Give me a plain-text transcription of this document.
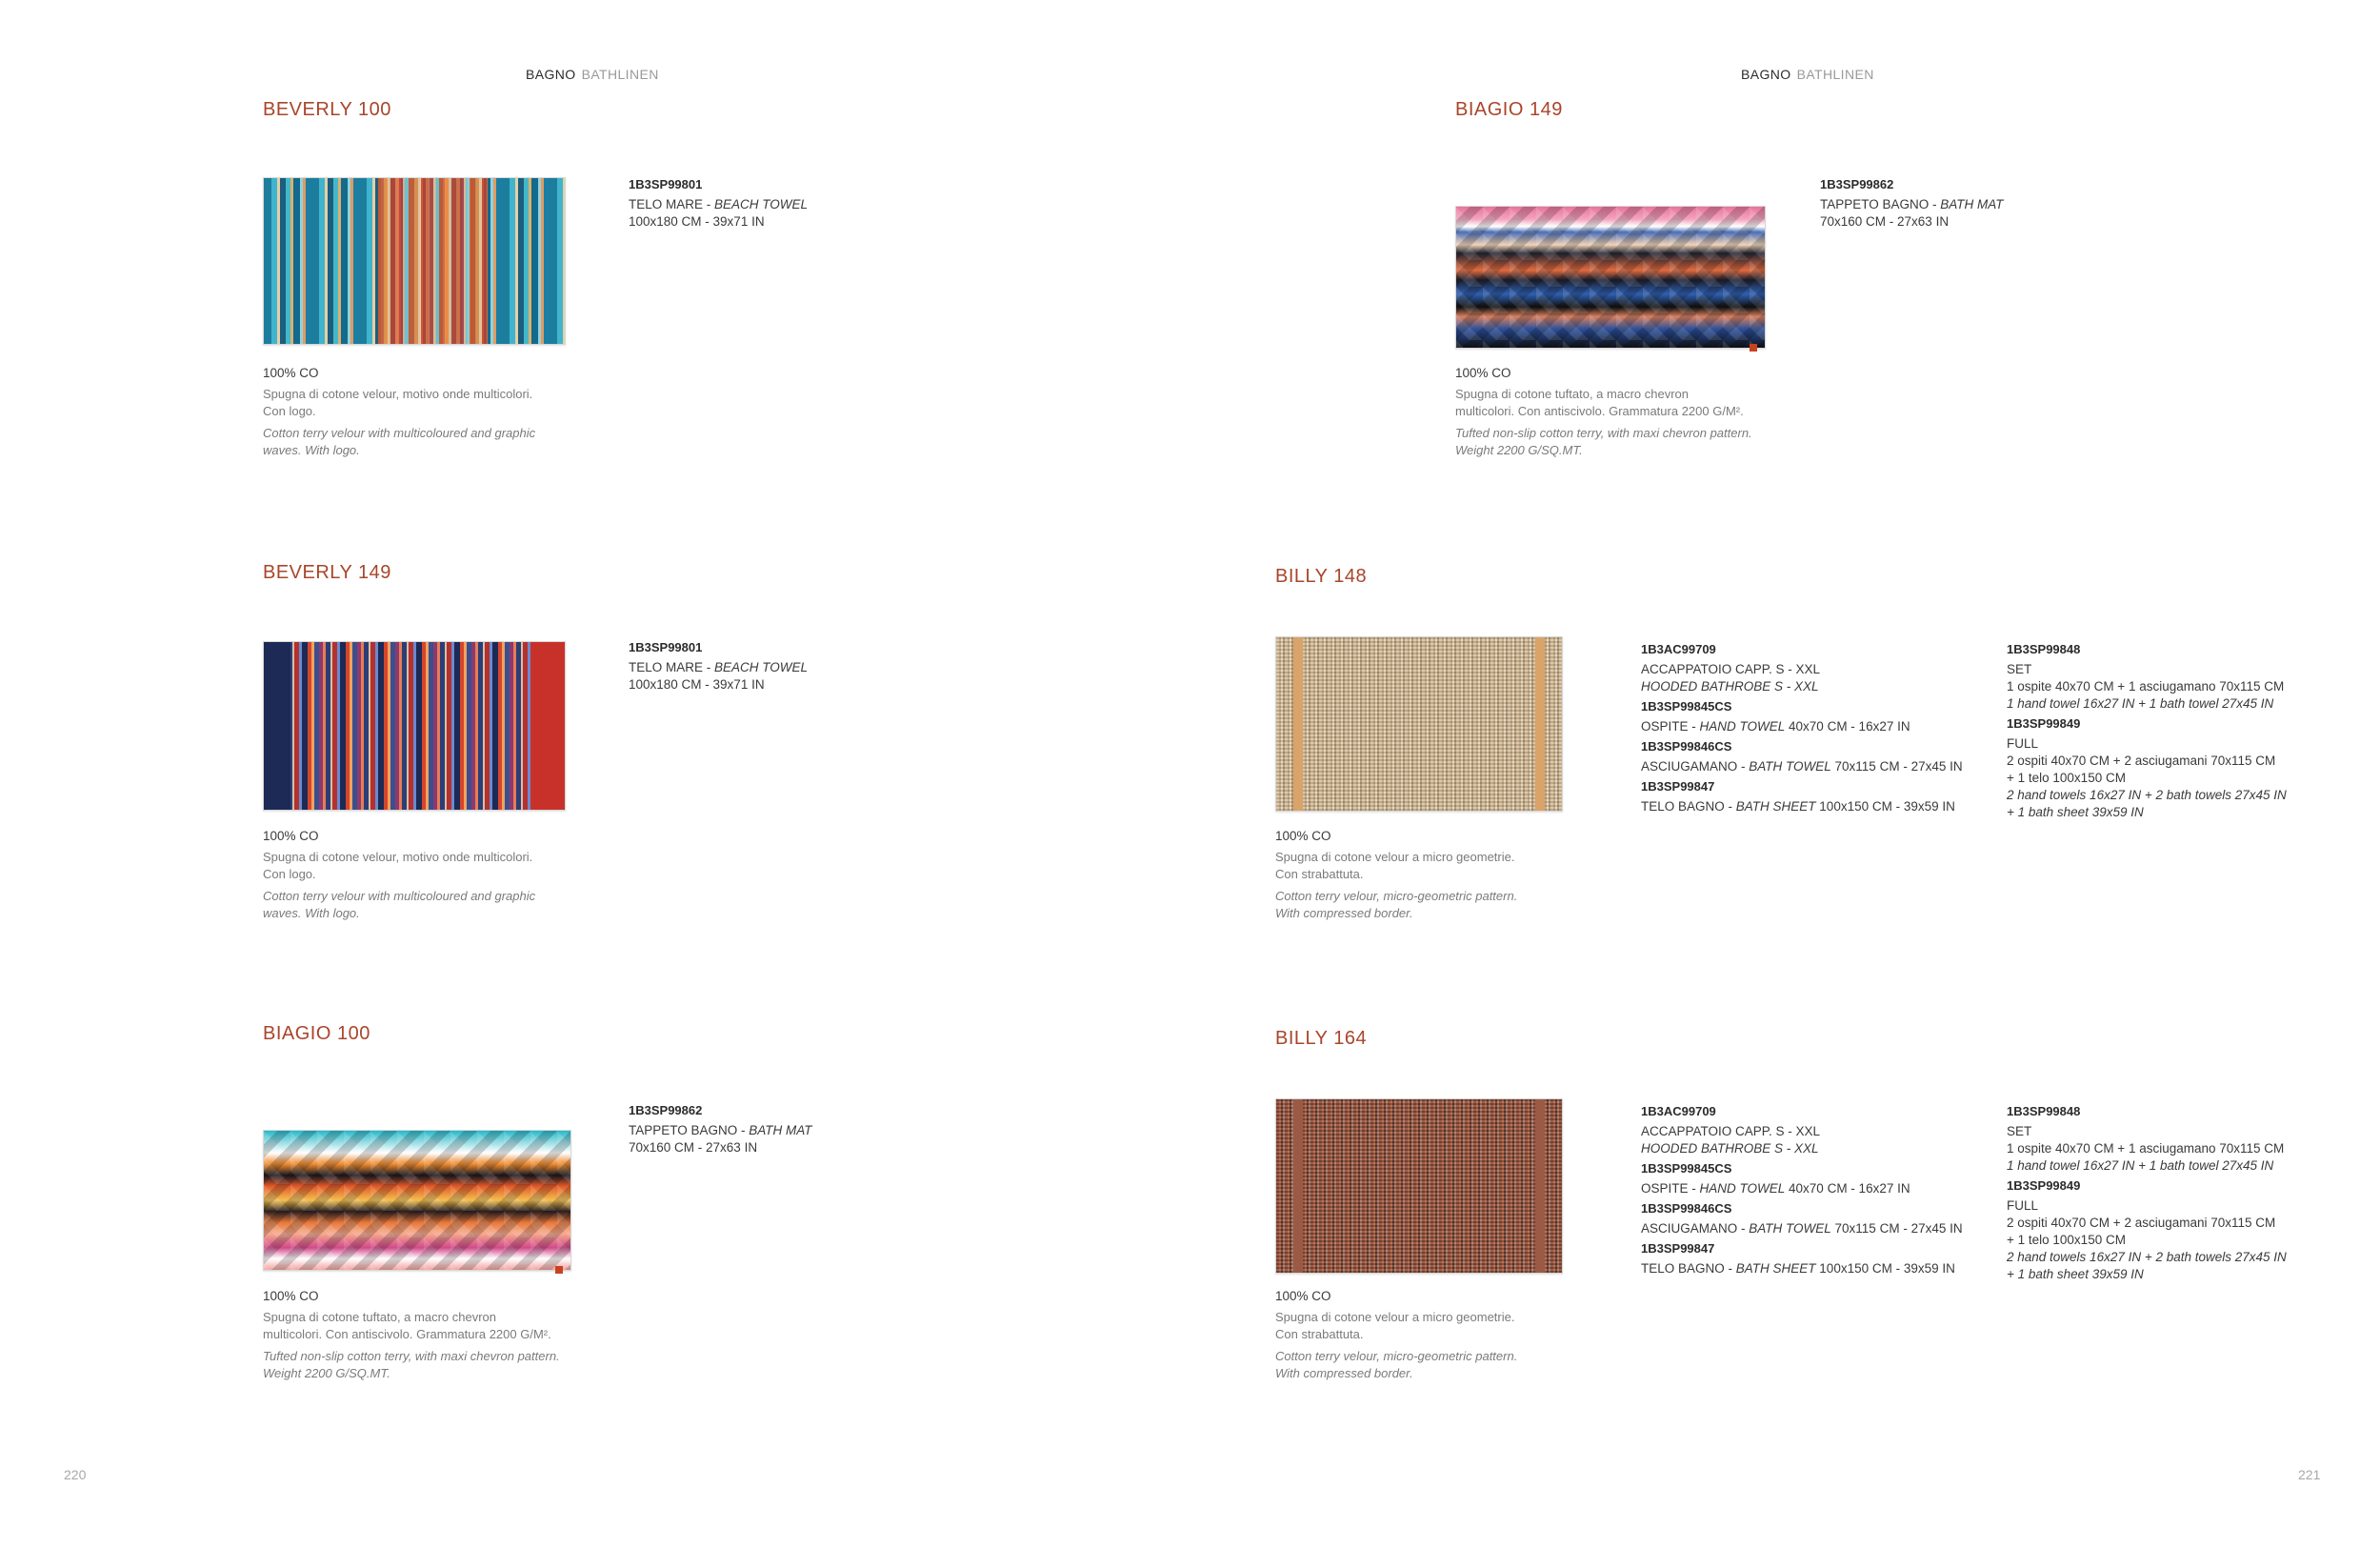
BAGNO BATHLINEN	BAGNO BATHLINEN
BEVERLY 100
1B3SP99801
TELO MARE - BEACH TOWEL
100x180 CM - 39x71 IN
100% CO
Spugna di cotone velour, motivo onde multicolori.
Con logo.
Cotton terry velour with multicoloured and graphic
waves. With logo.
BEVERLY 149
1B3SP99801
TELO MARE - BEACH TOWEL
100x180 CM - 39x71 IN
100% CO
Spugna di cotone velour, motivo onde multicolori.
Con logo.
Cotton terry velour with multicoloured and graphic
waves. With logo.
BIAGIO 100
1B3SP99862
TAPPETO BAGNO - BATH MAT
70x160 CM - 27x63 IN
100% CO
Spugna di cotone tuftato, a macro chevron
multicolori. Con antiscivolo. Grammatura 2200 G/M².
Tufted non-slip cotton terry, with maxi chevron pattern.
Weight 2200 G/SQ.MT.
BIAGIO 149
1B3SP99862
TAPPETO BAGNO - BATH MAT
70x160 CM - 27x63 IN
100% CO
Spugna di cotone tuftato, a macro chevron
multicolori. Con antiscivolo. Grammatura 2200 G/M².
Tufted non-slip cotton terry, with maxi chevron pattern.
Weight 2200 G/SQ.MT.
BILLY 148
1B3AC99709
ACCAPPATOIO CAPP. S - XXL
HOODED BATHROBE S - XXL
1B3SP99845CS
OSPITE - HAND TOWEL 40x70 CM - 16x27 IN
1B3SP99846CS
ASCIUGAMANO - BATH TOWEL 70x115 CM - 27x45 IN
1B3SP99847
TELO BAGNO - BATH SHEET 100x150 CM - 39x59 IN
1B3SP99848
SET
1 ospite 40x70 CM + 1 asciugamano 70x115 CM
1 hand towel 16x27 IN + 1 bath towel 27x45 IN
1B3SP99849
FULL
2 ospiti 40x70 CM + 2 asciugamani 70x115 CM
+ 1 telo 100x150 CM
2 hand towels 16x27 IN + 2 bath towels 27x45 IN
+ 1 bath sheet 39x59 IN
100% CO
Spugna di cotone velour a micro geometrie.
Con strabattuta.
Cotton terry velour, micro-geometric pattern.
With compressed border.
BILLY 164
1B3AC99709
ACCAPPATOIO CAPP. S - XXL
HOODED BATHROBE S - XXL
1B3SP99845CS
OSPITE - HAND TOWEL 40x70 CM - 16x27 IN
1B3SP99846CS
ASCIUGAMANO - BATH TOWEL 70x115 CM - 27x45 IN
1B3SP99847
TELO BAGNO - BATH SHEET 100x150 CM - 39x59 IN
1B3SP99848
SET
1 ospite 40x70 CM + 1 asciugamano 70x115 CM
1 hand towel 16x27 IN + 1 bath towel 27x45 IN
1B3SP99849
FULL
2 ospiti 40x70 CM + 2 asciugamani 70x115 CM
+ 1 telo 100x150 CM
2 hand towels 16x27 IN + 2 bath towels 27x45 IN
+ 1 bath sheet 39x59 IN
100% CO
Spugna di cotone velour a micro geometrie.
Con strabattuta.
Cotton terry velour, micro-geometric pattern.
With compressed border.
220	221
